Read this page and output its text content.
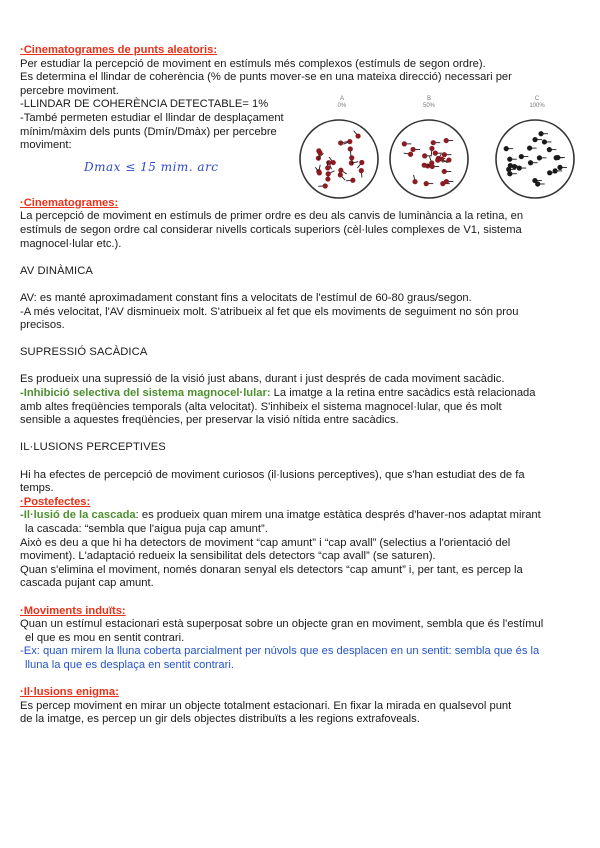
A
0%
B
50%
C
100%
Dmax ≤ 15 mim. arc

·Cinematogrames de punts aleatoris:

Per estudiar la percepció de moviment en estímuls més complexos (estímuls de segon ordre).

Es determina el llindar de coherència (% de punts mover-se en una mateixa direcció) necessari per

percebre moviment.

-LLINDAR DE COHERÈNCIA DETECTABLE= 1%

-També permeten estudiar el llindar de desplaçament

mínim/màxim dels punts (Dmín/Dmàx) per percebre

moviment:

·Cinematogrames:

La percepció de moviment en estímuls de primer ordre es deu als canvis de luminància a la retina, en

estímuls de segon ordre cal considerar nivells corticals superiors (cèl·lules complexes de V1, sistema

magnocel·lular etc.).

AV DINÀMICA

AV: es manté aproximadament constant fins a velocitats de l'estímul de 60-80 graus/segon.

-A més velocitat, l'AV disminueix molt. S'atribueix al fet que els moviments de seguiment no són prou

precisos.

SUPRESSIÓ SACÀDICA

Es produeix una supressió de la visió just abans, durant i just després de cada moviment sacàdic.

-Inhibició selectiva del sistema magnocel·lular: La imatge a la retina entre sacàdics està relacionada

amb altes freqüències temporals (alta velocitat). S'inhibeix el sistema magnocel·lular, que és molt

sensible a aquestes freqüències, per preservar la visió nítida entre sacàdics.

IL·LUSIONS PERCEPTIVES

Hi ha efectes de percepció de moviment curiosos (il·lusions perceptives), que s'han estudiat des de fa

temps.

·Postefectes:

-Il·lusió de la cascada: es produeix quan mirem una imatge estàtica després d'haver-nos adaptat mirant

la cascada: “sembla que l'aigua puja cap amunt”.

Això es deu a que hi ha detectors de moviment “cap amunt” i “cap avall” (selectius a l'orientació del

moviment). L'adaptació redueix la sensibilitat dels detectors “cap avall” (se saturen).

Quan s'elimina el moviment, només donaran senyal els detectors “cap amunt” i, per tant, es percep la

cascada pujant cap amunt.

·Moviments induïts:

Quan un estímul estacionari està superposat sobre un objecte gran en moviment, sembla que és l'estímul

el que es mou en sentit contrari.

-Ex: quan mirem la lluna coberta parcialment per núvols que es desplacen en un sentit: sembla que és la

lluna la que es desplaça en sentit contrari.

·Il·lusions enigma:

Es percep moviment en mirar un objecte totalment estacionari. En fixar la mirada en qualsevol punt

de la imatge, es percep un gir dels objectes distribuïts a les regions extrafoveals.
